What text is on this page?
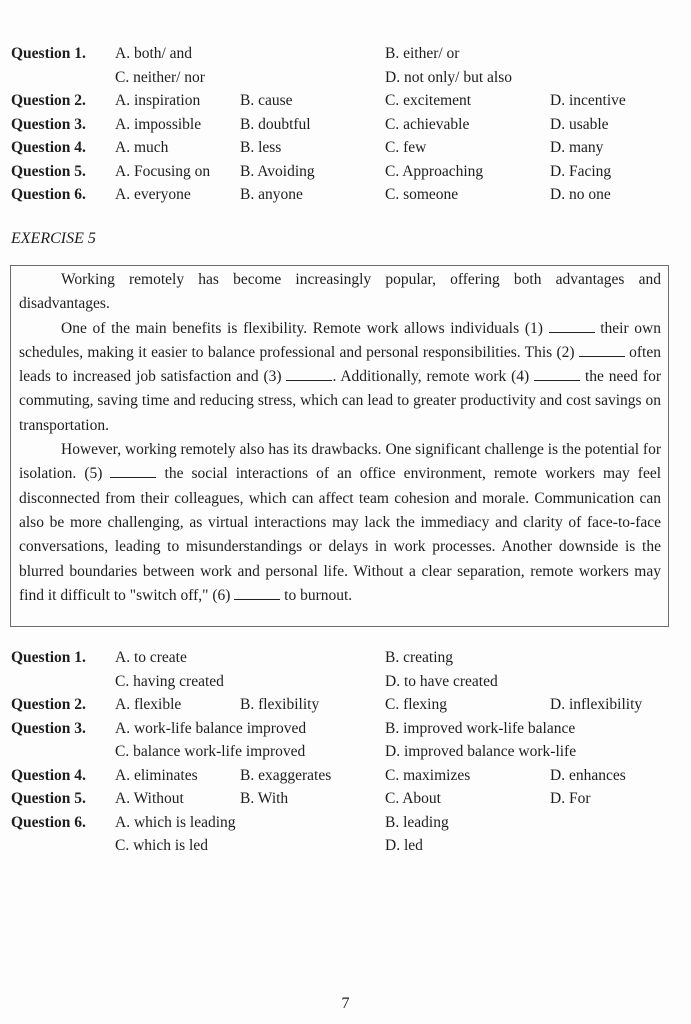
Question 1. A. both/ and	B. either/ or
C. neither/ nor	D. not only/ but also
Question 2. A. inspiration	B. cause	C. excitement	D. incentive
Question 3. A. impossible	B. doubtful	C. achievable	D. usable
Question 4. A. much	B. less	C. few	D. many
Question 5. A. Focusing on B. Avoiding	C. Approaching	D. Facing
Question 6. A. everyone	B. anyone	C. someone	D. no one
EXERCISE 5

Working remotely has become increasingly popular, offering both advantages and disadvantages.

One of the main benefits is flexibility. Remote work allows individuals (1)	their own schedules, making it easier to balance professional and personal responsibilities. This (2)	often leads to increased job satisfaction and (3)	. Additionally, remote work (4)	the need for commuting, saving time and reducing stress, which can lead to greater productivity and cost savings on transportation.

However, working remotely also has its drawbacks. One significant challenge is the potential for isolation. (5)	the social interactions of an office environment, remote workers may feel disconnected from their colleagues, which can affect team cohesion and morale. Communication can also be more challenging, as virtual interactions may lack the immediacy and clarity of face-to-face conversations, leading to misunderstandings or delays in work processes. Another downside is the blurred boundaries between work and personal life. Without a clear separation, remote workers may find it difficult to "switch off," (6)	to burnout.

Question 1. A. to create	B. creating
C. having created	D. to have created
Question 2. A. flexible	B. flexibility	C. flexing	D. inflexibility
Question 3. A. work-life balance improved	B. improved work-life balance
C. balance work-life improved	D. improved balance work-life
Question 4. A. eliminates	B. exaggerates	C. maximizes	D. enhances
Question 5. A. Without	B. With	C. About	D. For
Question 6. A. which is leading	B. leading
C. which is led	D. led
7
